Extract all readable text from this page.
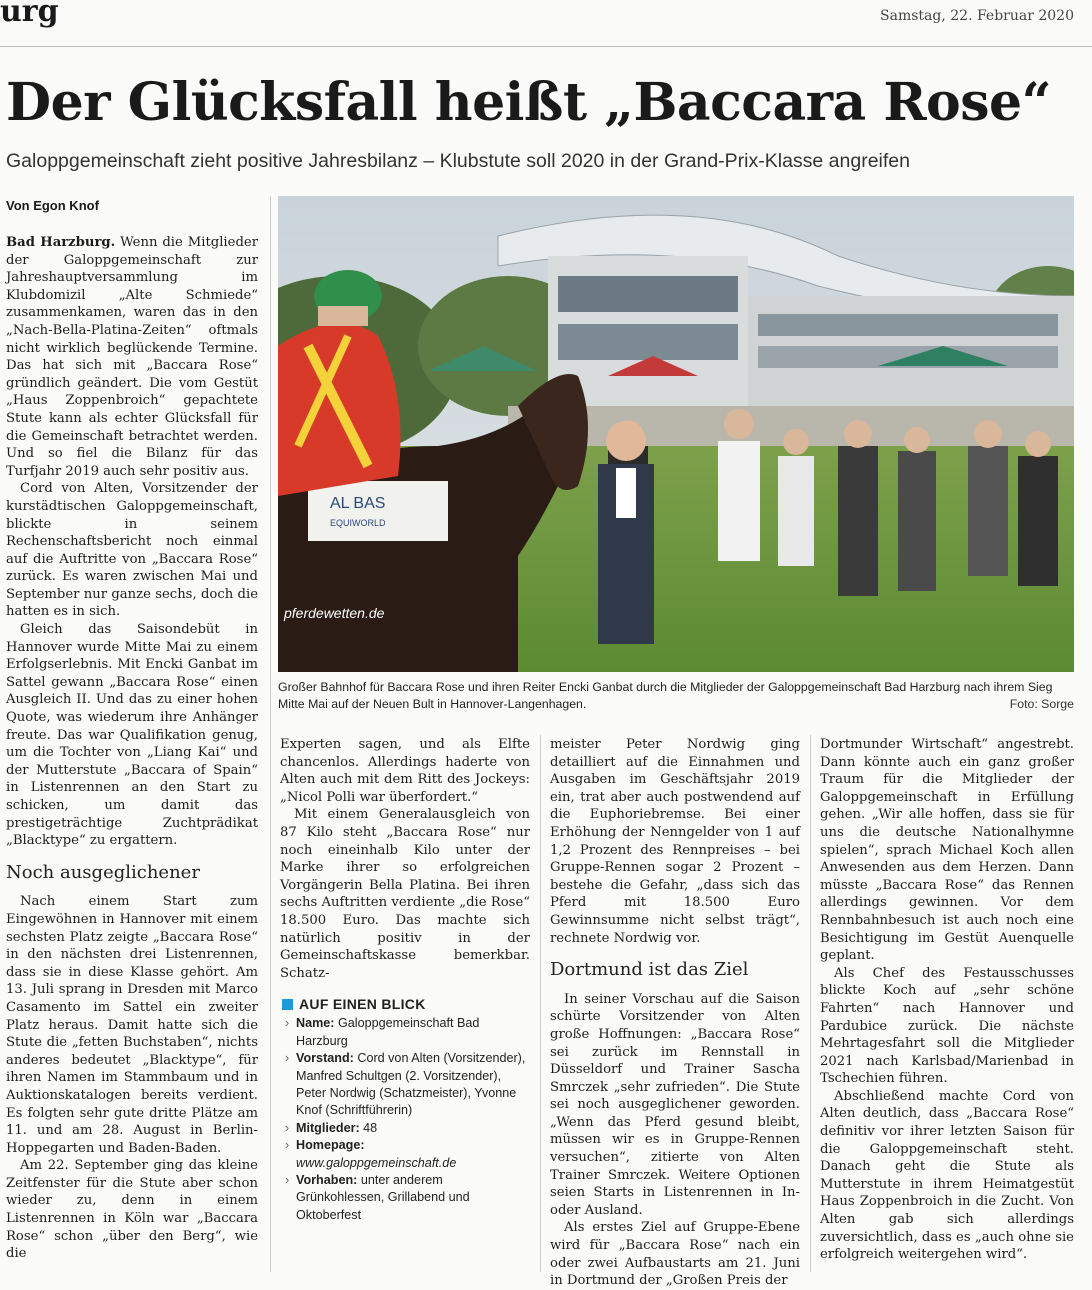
urg	Samstag, 22. Februar 2020
Der Glücksfall heißt „Baccara Rose“
Galoppgemeinschaft zieht positive Jahresbilanz – Klubstute soll 2020 in der Grand-Prix-Klasse angreifen
Von Egon Knof
AL BAS
EQUIWORLD
pferdewetten.de
Großer Bahnhof für Baccara Rose und ihren Reiter Encki Ganbat durch die Mitglieder der Galoppgemeinschaft Bad Harzburg nach ihrem Sieg Mitte Mai auf der Neuen Bult in Hannover-Langenhagen.	Foto: Sorge

Bad Harzburg. Wenn die Mitglieder der Galoppgemeinschaft zur Jahreshauptversammlung im Klubdomizil „Alte Schmiede“ zusammenkamen, waren das in den „Nach-Bella-Platina-Zeiten“ oftmals nicht wirklich beglückende Termine. Das hat sich mit „Baccara Rose“ gründlich geändert. Die vom Gestüt „Haus Zoppenbroich“ gepachtete Stute kann als echter Glücksfall für die Gemeinschaft betrachtet werden. Und so fiel die Bilanz für das Turfjahr 2019 auch sehr positiv aus.

Cord von Alten, Vorsitzender der kurstädtischen Galoppgemeinschaft, blickte in seinem Rechenschaftsbericht noch einmal auf die Auftritte von „Baccara Rose“ zurück. Es waren zwischen Mai und September nur ganze sechs, doch die hatten es in sich.

Gleich das Saisondebüt in Hannover wurde Mitte Mai zu einem Erfolgserlebnis. Mit Encki Ganbat im Sattel gewann „Baccara Rose“ einen Ausgleich II. Und das zu einer hohen Quote, was wiederum ihre Anhänger freute. Das war Qualifikation genug, um die Tochter von „Liang Kai“ und der Mutterstute „Baccara of Spain“ in Listenrennen an den Start zu schicken, um damit das prestigeträchtige Zuchtprädikat „Blacktype“ zu ergattern.

Noch ausgeglichener

Nach einem Start zum Eingewöhnen in Hannover mit einem sechsten Platz zeigte „Baccara Rose“ in den nächsten drei Listenrennen, dass sie in diese Klasse gehört. Am 13. Juli sprang in Dresden mit Marco Casamento im Sattel ein zweiter Platz heraus. Damit hatte sich die Stute die „fetten Buchstaben“, nichts anderes bedeutet „Blacktype“, für ihren Namen im Stammbaum und in Auktionskatalogen bereits verdient. Es folgten sehr gute dritte Plätze am 11. und am 28. August in Berlin-Hoppegarten und Baden-Baden.

Am 22. September ging das kleine Zeitfenster für die Stute aber schon wieder zu, denn in einem Listenrennen in Köln war „Baccara Rose“ schon „über den Berg“, wie die

Experten sagen, und als Elfte chancenlos. Allerdings haderte von Alten auch mit dem Ritt des Jockeys: „Nicol Polli war überfordert.“

Mit einem Generalausgleich von 87 Kilo steht „Baccara Rose“ nur noch eineinhalb Kilo unter der Marke ihrer so erfolgreichen Vorgängerin Bella Platina. Bei ihren sechs Auftritten verdiente „die Rose“ 18.500 Euro. Das machte sich natürlich positiv in der Gemeinschaftskasse bemerkbar. Schatz-

AUF EINEN BLICK
› Name: Galoppgemeinschaft Bad Harzburg
› Vorstand: Cord von Alten (Vorsitzender), Manfred Schultgen (2. Vorsitzender), Peter Nordwig (Schatzmeister), Yvonne Knof (Schriftführerin)
› Mitglieder: 48
› Homepage: www.galoppgemeinschaft.de
› Vorhaben: unter anderem Grünkohlessen, Grillabend und Oktoberfest

meister Peter Nordwig ging detailliert auf die Einnahmen und Ausgaben im Geschäftsjahr 2019 ein, trat aber auch postwendend auf die Euphoriebremse. Bei einer Erhöhung der Nenngelder von 1 auf 1,2 Prozent des Rennpreises – bei Gruppe-Rennen sogar 2 Prozent – bestehe die Gefahr, „dass sich das Pferd mit 18.500 Euro Gewinnsumme nicht selbst trägt“, rechnete Nordwig vor.

Dortmund ist das Ziel

In seiner Vorschau auf die Saison schürte Vorsitzender von Alten große Hoffnungen: „Baccara Rose“ sei zurück im Rennstall in Düsseldorf und Trainer Sascha Smrczek „sehr zufrieden“. Die Stute sei noch ausgeglichener geworden. „Wenn das Pferd gesund bleibt, müssen wir es in Gruppe-Rennen versuchen“, zitierte von Alten Trainer Smrczek. Weitere Optionen seien Starts in Listenrennen in In- oder Ausland.

Als erstes Ziel auf Gruppe-Ebene wird für „Baccara Rose“ nach ein oder zwei Aufbaustarts am 21. Juni in Dortmund der „Großen Preis der

Dortmunder Wirtschaft“ angestrebt. Dann könnte auch ein ganz großer Traum für die Mitglieder der Galoppgemeinschaft in Erfüllung gehen. „Wir alle hoffen, dass sie für uns die deutsche Nationalhymne spielen“, sprach Michael Koch allen Anwesenden aus dem Herzen. Dann müsste „Baccara Rose“ das Rennen allerdings gewinnen. Vor dem Rennbahnbesuch ist auch noch eine Besichtigung im Gestüt Auenquelle geplant.

Als Chef des Festausschusses blickte Koch auf „sehr schöne Fahrten“ nach Hannover und Pardubice zurück. Die nächste Mehrtagesfahrt soll die Mitglieder 2021 nach Karlsbad/Marienbad in Tschechien führen.

Abschließend machte Cord von Alten deutlich, dass „Baccara Rose“ definitiv vor ihrer letzten Saison für die Galoppgemeinschaft steht. Danach geht die Stute als Mutterstute in ihrem Heimatgestüt Haus Zoppenbroich in die Zucht. Von Alten gab sich allerdings zuversichtlich, dass es „auch ohne sie erfolgreich weitergehen wird“.
